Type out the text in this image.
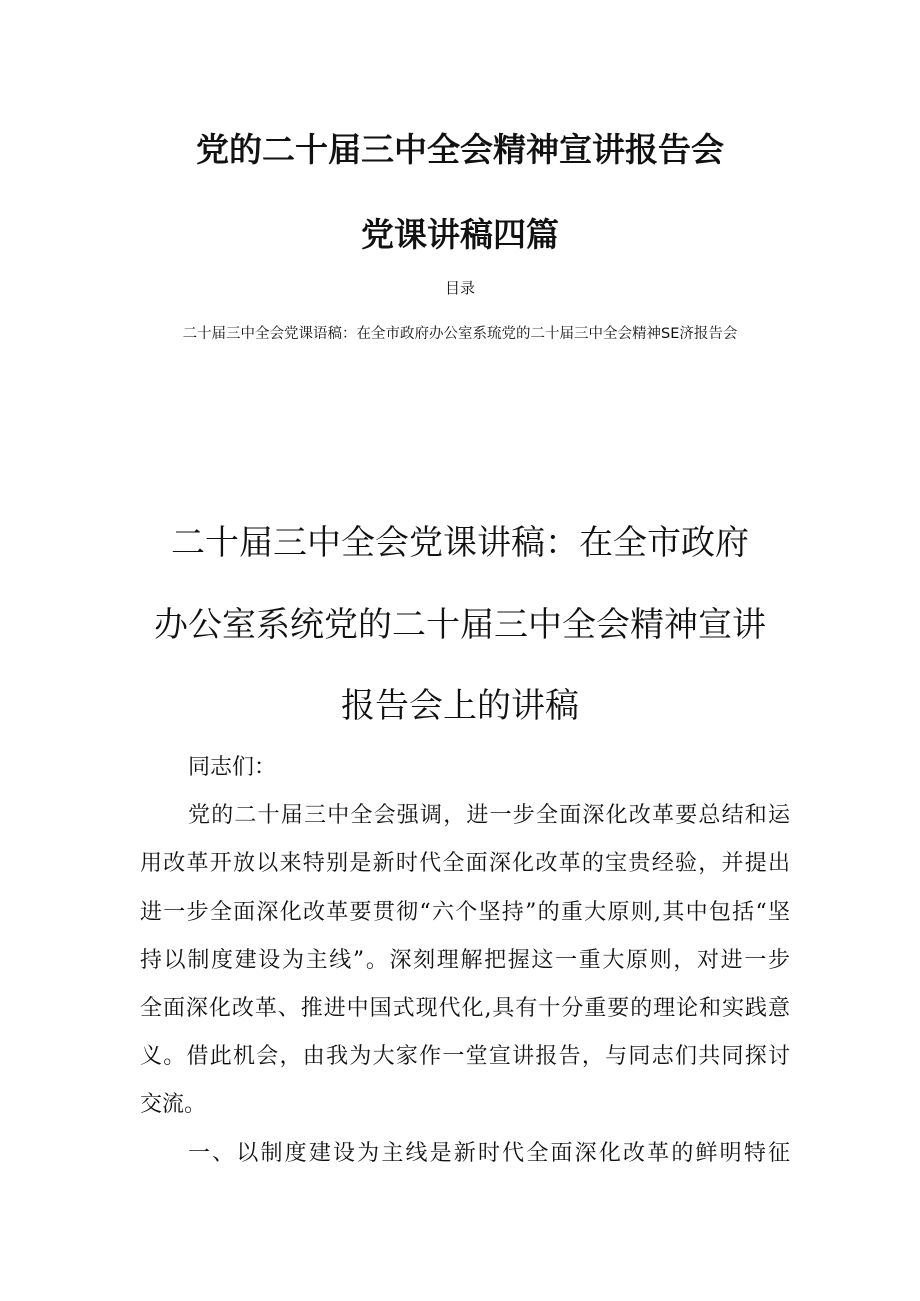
党的二十届三中全会精神宣讲报告会
党课讲稿四篇
目录
二十届三中全会党课语稿：在全市政府办公室系琉党的二十届三中全会精神SE济报告会
二十届三中全会党课讲稿：在全市政府
办公室系统党的二十届三中全会精神宣讲
报告会上的讲稿
同志们：
党的二十届三中全会强调，进一步全面深化改革要总结和运
用改革开放以来特别是新时代全面深化改革的宝贵经验，并提出
进一步全面深化改革要贯彻“六个坚持”的重大原则,其中包括“坚
持以制度建设为主线”。深刻理解把握这一重大原则，对进一步
全面深化改革、推进中国式现代化,具有十分重要的理论和实践意
义。借此机会，由我为大家作一堂宣讲报告，与同志们共同探讨
交流。
一、以制度建设为主线是新时代全面深化改革的鲜明特征
